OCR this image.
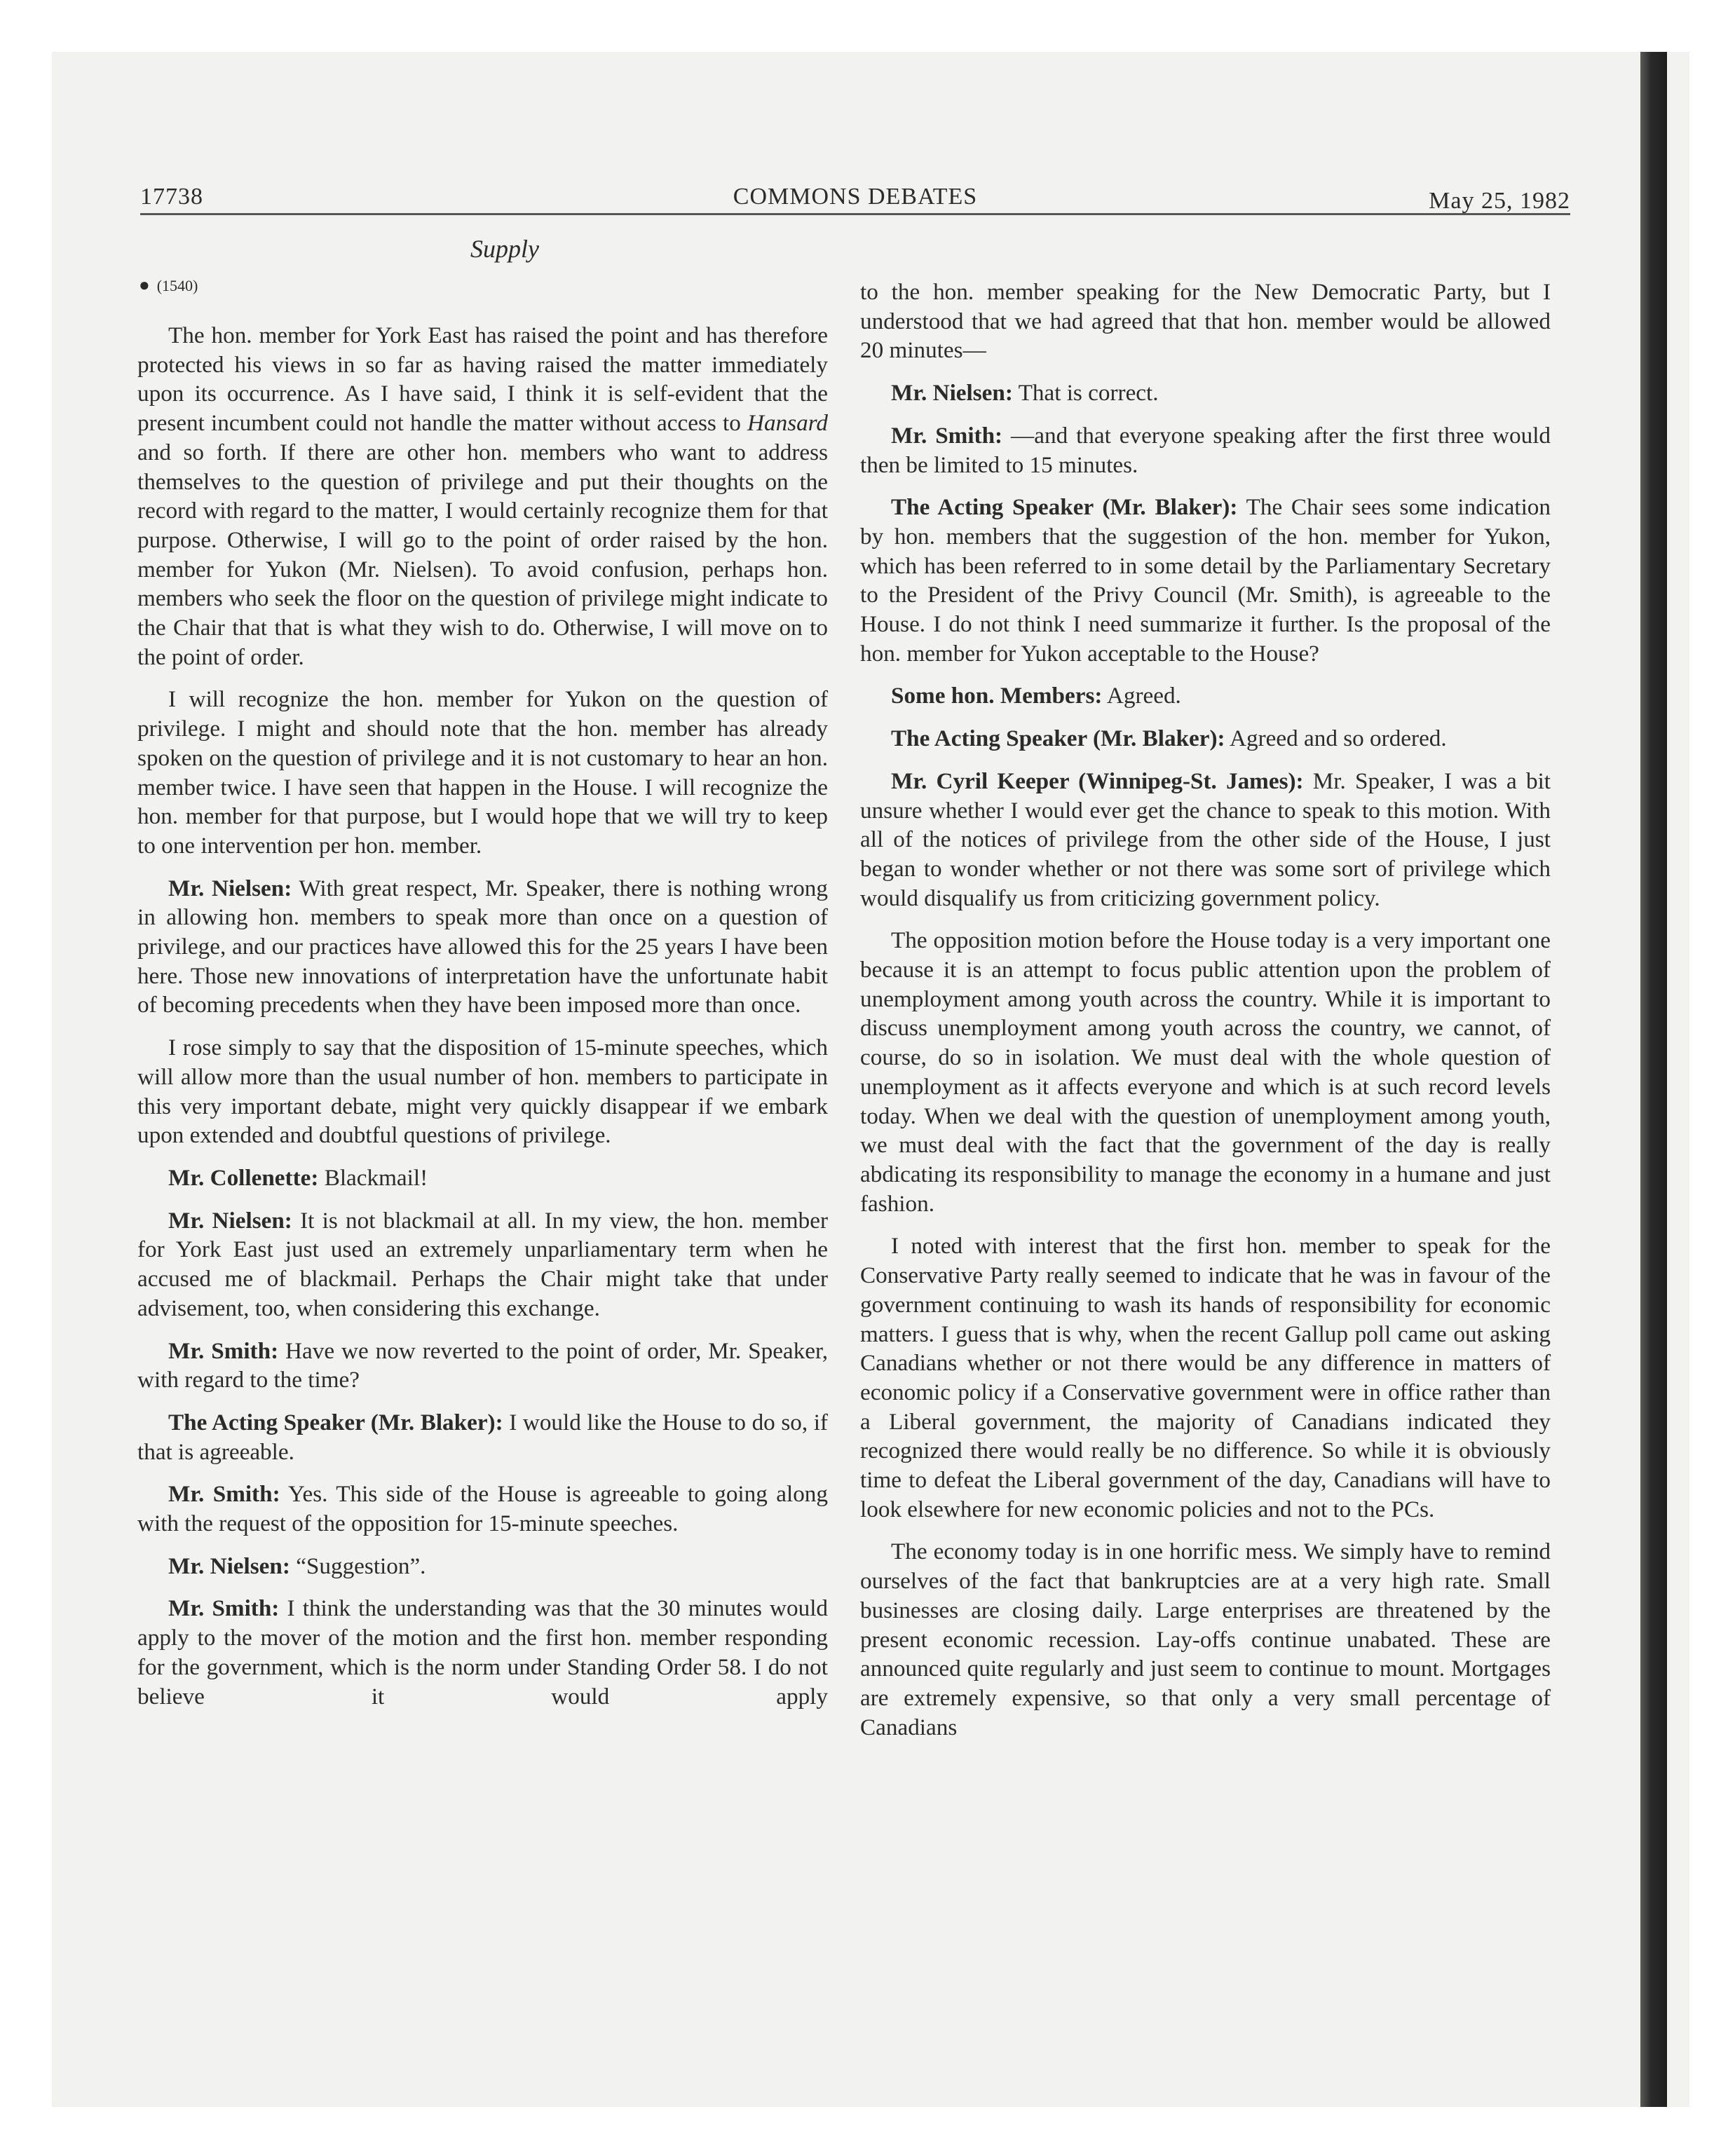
17738	COMMONS DEBATES	May 25, 1982
Supply
● (1540)

The hon. member for York East has raised the point and has therefore protected his views in so far as having raised the matter immediately upon its occurrence. As I have said, I think it is self-evident that the present incumbent could not handle the matter without access to Hansard and so forth. If there are other hon. members who want to address themselves to the question of privilege and put their thoughts on the record with regard to the matter, I would certainly recognize them for that purpose. Otherwise, I will go to the point of order raised by the hon. member for Yukon (Mr. Nielsen). To avoid confusion, perhaps hon. members who seek the floor on the question of privilege might indicate to the Chair that that is what they wish to do. Otherwise, I will move on to the point of order.

I will recognize the hon. member for Yukon on the question of privilege. I might and should note that the hon. member has already spoken on the question of privilege and it is not customary to hear an hon. member twice. I have seen that happen in the House. I will recognize the hon. member for that purpose, but I would hope that we will try to keep to one intervention per hon. member.

Mr. Nielsen: With great respect, Mr. Speaker, there is nothing wrong in allowing hon. members to speak more than once on a question of privilege, and our practices have allowed this for the 25 years I have been here. Those new innovations of interpretation have the unfortunate habit of becoming precedents when they have been imposed more than once.

I rose simply to say that the disposition of 15-minute speeches, which will allow more than the usual number of hon. members to participate in this very important debate, might very quickly disappear if we embark upon extended and doubtful questions of privilege.

Mr. Collenette: Blackmail!

Mr. Nielsen: It is not blackmail at all. In my view, the hon. member for York East just used an extremely unparliamentary term when he accused me of blackmail. Perhaps the Chair might take that under advisement, too, when considering this exchange.

Mr. Smith: Have we now reverted to the point of order, Mr. Speaker, with regard to the time?

The Acting Speaker (Mr. Blaker): I would like the House to do so, if that is agreeable.

Mr. Smith: Yes. This side of the House is agreeable to going along with the request of the opposition for 15-minute speeches.

Mr. Nielsen: “Suggestion”.

Mr. Smith: I think the understanding was that the 30 minutes would apply to the mover of the motion and the first hon. member responding for the government, which is the norm under Standing Order 58. I do not believe it would apply

to the hon. member speaking for the New Democratic Party, but I understood that we had agreed that that hon. member would be allowed 20 minutes—

Mr. Nielsen: That is correct.

Mr. Smith: —and that everyone speaking after the first three would then be limited to 15 minutes.

The Acting Speaker (Mr. Blaker): The Chair sees some indication by hon. members that the suggestion of the hon. member for Yukon, which has been referred to in some detail by the Parliamentary Secretary to the President of the Privy Council (Mr. Smith), is agreeable to the House. I do not think I need summarize it further. Is the proposal of the hon. member for Yukon acceptable to the House?

Some hon. Members: Agreed.

The Acting Speaker (Mr. Blaker): Agreed and so ordered.

Mr. Cyril Keeper (Winnipeg-St. James): Mr. Speaker, I was a bit unsure whether I would ever get the chance to speak to this motion. With all of the notices of privilege from the other side of the House, I just began to wonder whether or not there was some sort of privilege which would disqualify us from criticizing government policy.

The opposition motion before the House today is a very important one because it is an attempt to focus public attention upon the problem of unemployment among youth across the country. While it is important to discuss unemployment among youth across the country, we cannot, of course, do so in isolation. We must deal with the whole question of unemployment as it affects everyone and which is at such record levels today. When we deal with the question of unemployment among youth, we must deal with the fact that the government of the day is really abdicating its responsibility to manage the economy in a humane and just fashion.

I noted with interest that the first hon. member to speak for the Conservative Party really seemed to indicate that he was in favour of the government continuing to wash its hands of responsibility for economic matters. I guess that is why, when the recent Gallup poll came out asking Canadians whether or not there would be any difference in matters of economic policy if a Conservative government were in office rather than a Liberal government, the majority of Canadians indicated they recognized there would really be no difference. So while it is obviously time to defeat the Liberal government of the day, Canadians will have to look elsewhere for new economic policies and not to the PCs.

The economy today is in one horrific mess. We simply have to remind ourselves of the fact that bankruptcies are at a very high rate. Small businesses are closing daily. Large enterprises are threatened by the present economic recession. Lay-offs continue unabated. These are announced quite regularly and just seem to continue to mount. Mortgages are extremely expensive, so that only a very small percentage of Canadians
